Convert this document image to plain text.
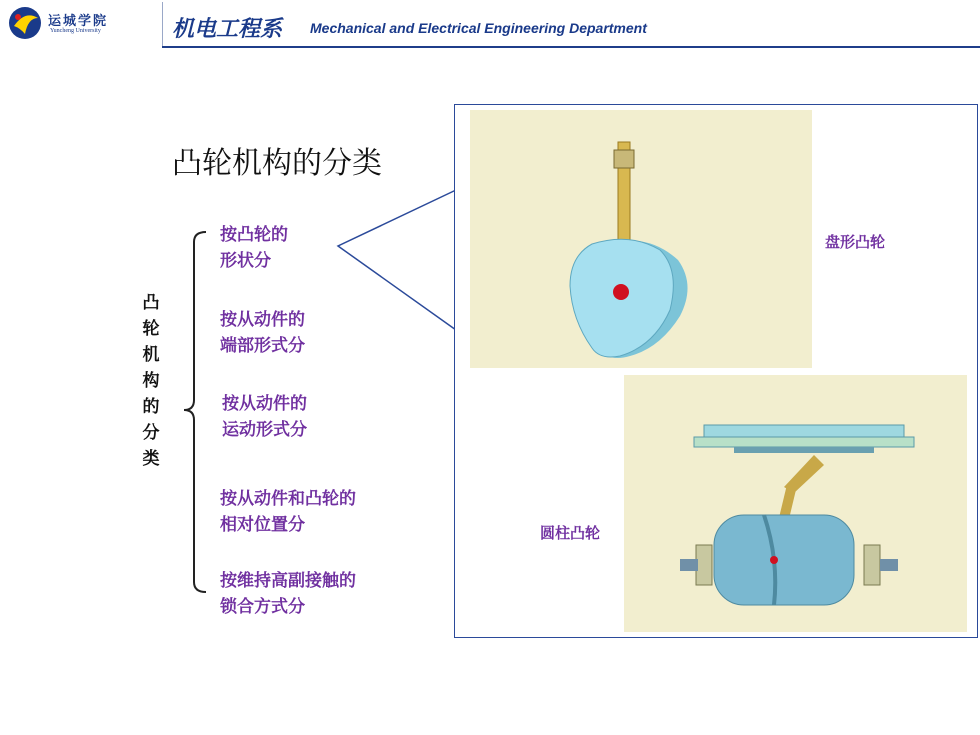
运城学院
Yuncheng University	机电工程系 Mechanical and Electrical Engineering Department
凸轮机构的分类
凸轮机构的分类
按凸轮的
形状分
按从动件的
端部形式分
按从动件的
运动形式分
按从动件和凸轮的
相对位置分
按维持高副接触的
锁合方式分
盘形凸轮
圆柱凸轮
